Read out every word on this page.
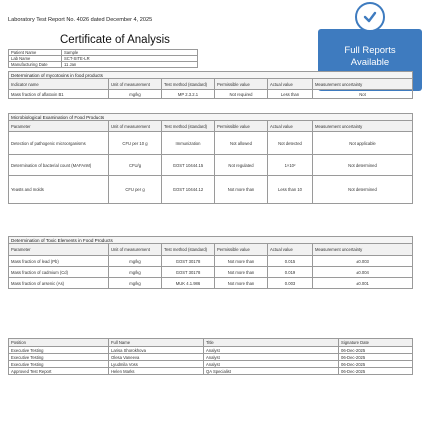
Laboratory Test Report No. 4026 dated December 4, 2025
Certificate of Analysis
Full Reports
Available
Patient Name	Sample
Lab Name	SCT-SITE-LR
Manufacturing Date	11 Jan
Determination of mycotoxins in food products					
Indicator name	Unit of measurement	Test method (standard)	Permissible value	Actual value	Measurement uncertainty
Mass fraction of aflatoxin B1	mg/kg	MP 2.3.2.1	Not required	Less than	Not
Microbiological Examination of Food Products					
Parameter	Unit of measurement	Test method (standard)	Permissible value	Actual value	Measurement uncertainty
Detection of pathogenic microorganisms	CFU per 10 g	Immunization	Not allowed	Not detected	Not applicable
Determination of bacterial count (MAFAnM)	CFU/g	GOST 10444.15	Not regulated	1×10²	Not determined
Yeasts and molds	CFU per g	GOST 10444.12	Not more than	Less than 10	Not determined
Determination of Toxic Elements in Food Products					
Parameter	Unit of measurement	Test method (standard)	Permissible value	Actual value	Measurement uncertainty
Mass fraction of lead (Pb)	mg/kg	GOST 30178	Not more than	0.015	±0.003
Mass fraction of cadmium (Cd)	mg/kg	GOST 30178	Not more than	0.019	±0.004
Mass fraction of arsenic (As)	mg/kg	MUK 4.1.986	Not more than	0.003	±0.001
Position	Full Name	Title	Signature Date
Executive Testing	Larisa Shorokhova	Analyst	06-Dec-2025
Executive Testing	Olesa Vaneeva	Analyst	06-Dec-2025
Executive Testing	Lyudmila Voss	Analyst	06-Dec-2025
Approved Test Report	Helen Marks	QA Specialist	06-Dec-2025
